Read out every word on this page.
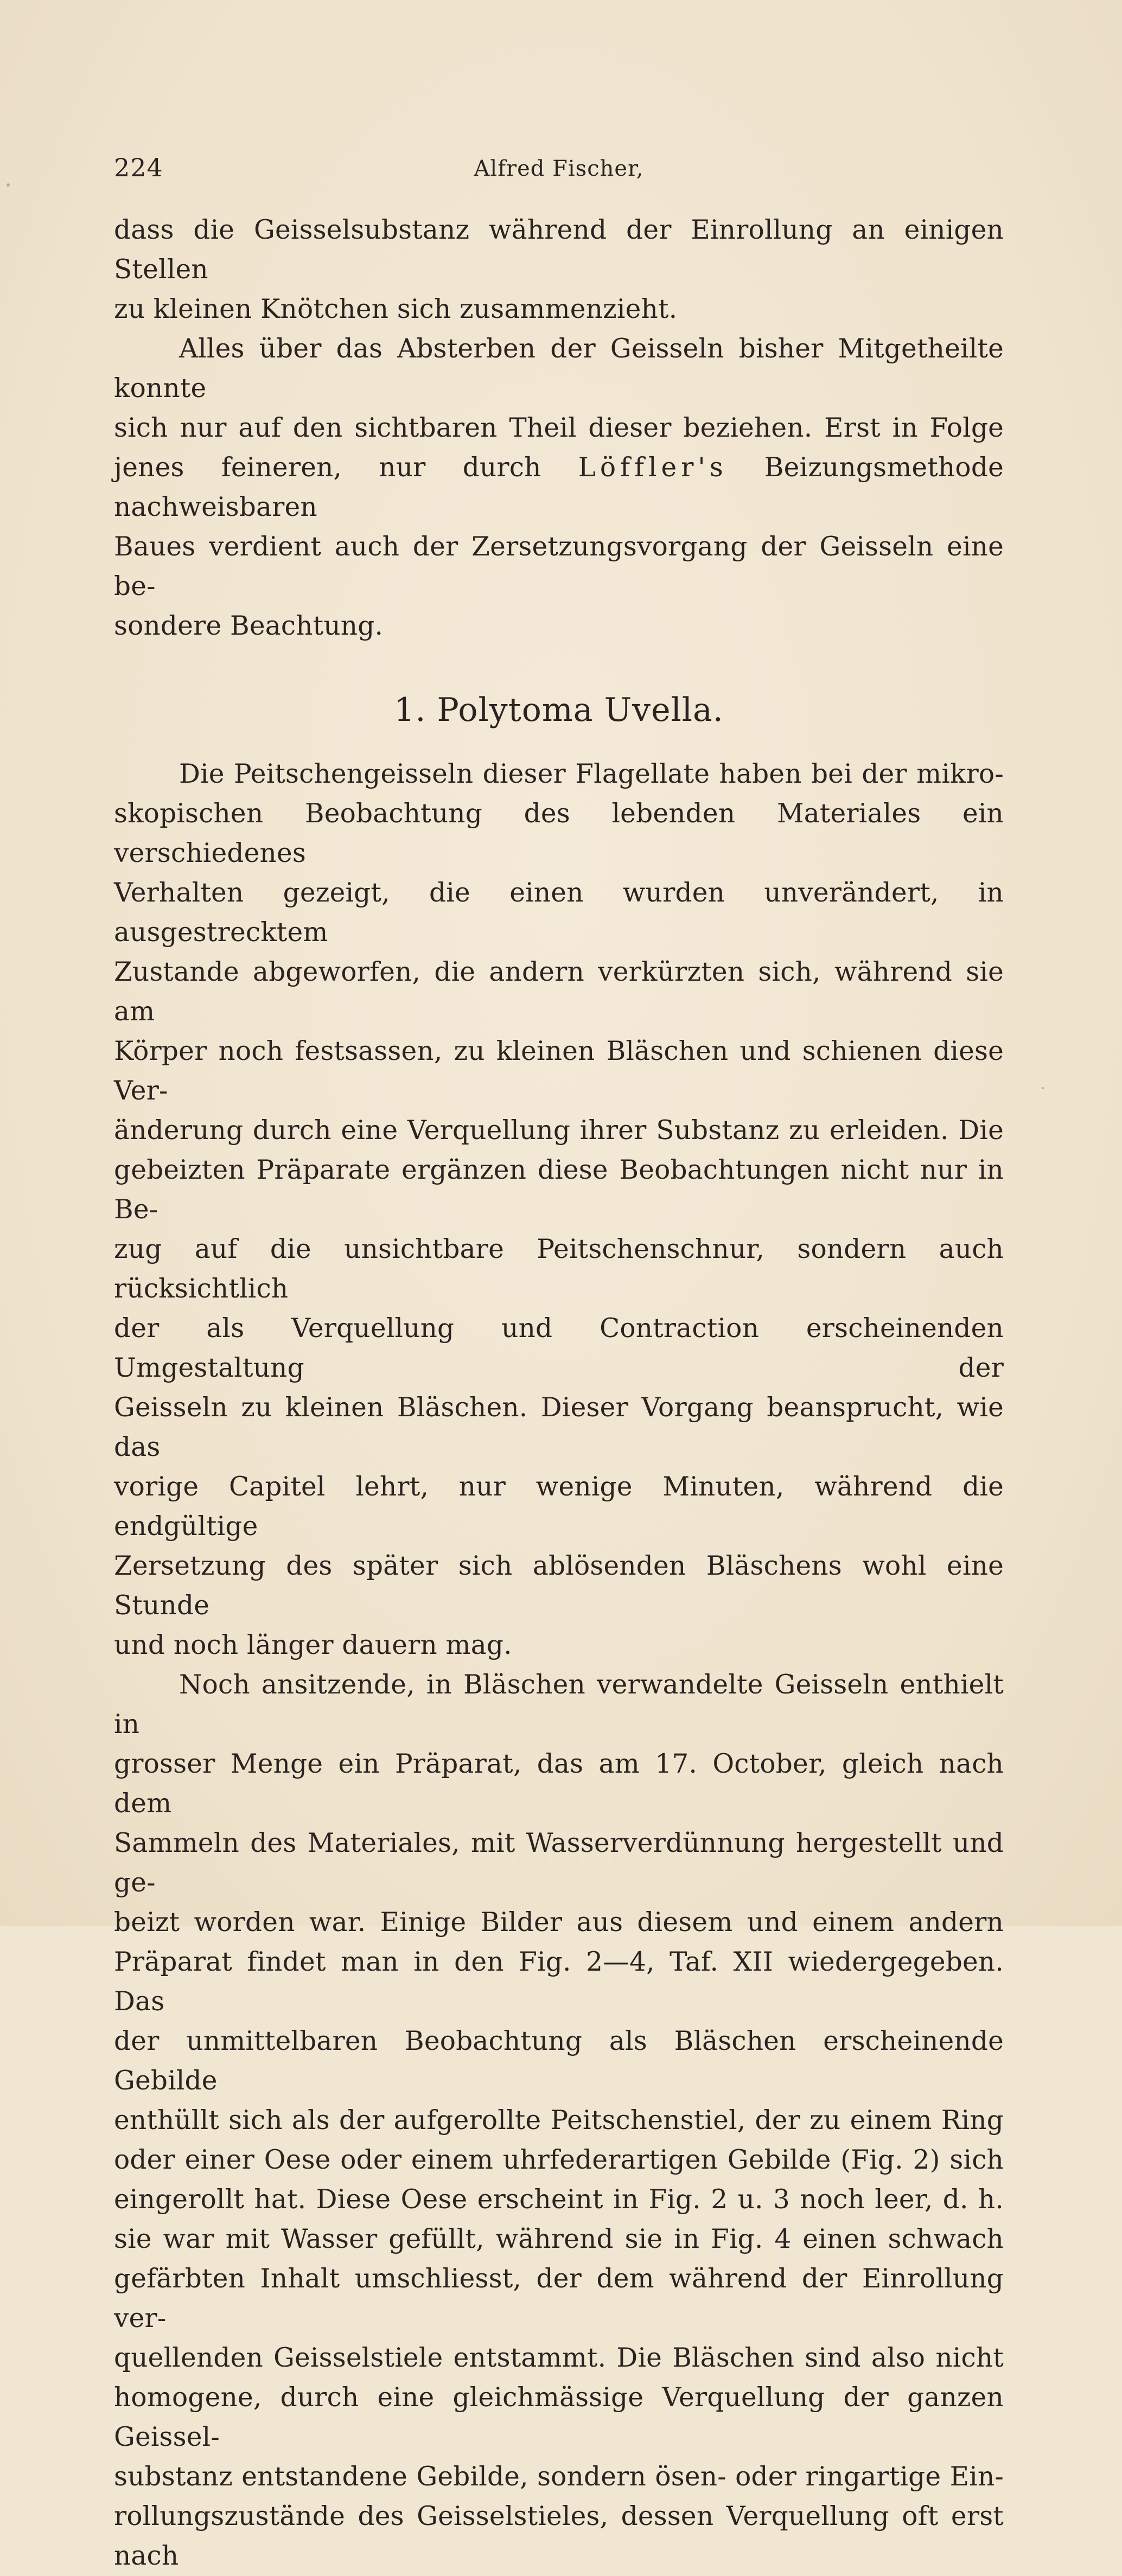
224	Alfred Fischer,

dass die Geisselsubstanz während der Einrollung an einigen Stellen

zu kleinen Knötchen sich zusammenzieht.

Alles über das Absterben der Geisseln bisher Mitgetheilte konnte

sich nur auf den sichtbaren Theil dieser beziehen. Erst in Folge

jenes feineren, nur durch Löffler's Beizungsmethode nachweisbaren

Baues verdient auch der Zersetzungsvorgang der Geisseln eine be-

sondere Beachtung.

1. Polytoma Uvella.

Die Peitschengeisseln dieser Flagellate haben bei der mikro-

skopischen Beobachtung des lebenden Materiales ein verschiedenes

Verhalten gezeigt, die einen wurden unverändert, in ausgestrecktem

Zustande abgeworfen, die andern verkürzten sich, während sie am

Körper noch festsassen, zu kleinen Bläschen und schienen diese Ver-

änderung durch eine Verquellung ihrer Substanz zu erleiden. Die

gebeizten Präparate ergänzen diese Beobachtungen nicht nur in Be-

zug auf die unsichtbare Peitschenschnur, sondern auch rücksichtlich

der als Verquellung und Contraction erscheinenden Umgestaltung der

Geisseln zu kleinen Bläschen. Dieser Vorgang beansprucht, wie das

vorige Capitel lehrt, nur wenige Minuten, während die endgültige

Zersetzung des später sich ablösenden Bläschens wohl eine Stunde

und noch länger dauern mag.

Noch ansitzende, in Bläschen verwandelte Geisseln enthielt in

grosser Menge ein Präparat, das am 17. October, gleich nach dem

Sammeln des Materiales, mit Wasserverdünnung hergestellt und ge-

beizt worden war. Einige Bilder aus diesem und einem andern

Präparat findet man in den Fig. 2—4, Taf. XII wiedergegeben. Das

der unmittelbaren Beobachtung als Bläschen erscheinende Gebilde

enthüllt sich als der aufgerollte Peitschenstiel, der zu einem Ring

oder einer Oese oder einem uhrfederartigen Gebilde (Fig. 2) sich

eingerollt hat. Diese Oese erscheint in Fig. 2 u. 3 noch leer, d. h.

sie war mit Wasser gefüllt, während sie in Fig. 4 einen schwach

gefärbten Inhalt umschliesst, der dem während der Einrollung ver-

quellenden Geisselstiele entstammt. Die Bläschen sind also nicht

homogene, durch eine gleichmässige Verquellung der ganzen Geissel-

substanz entstandene Gebilde, sondern ösen- oder ringartige Ein-

rollungszustände des Geisselstieles, dessen Verquellung oft erst nach
